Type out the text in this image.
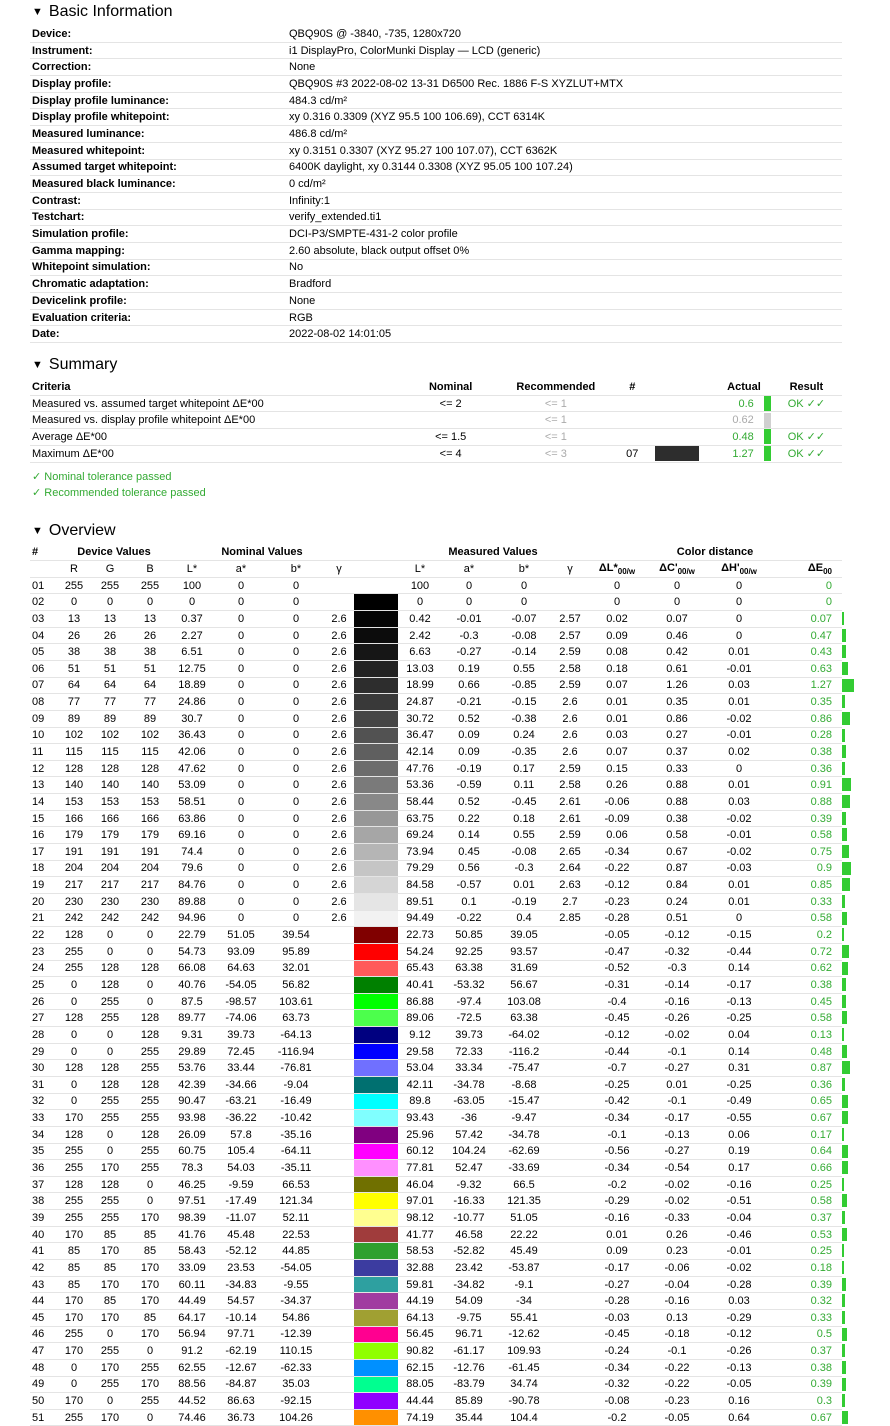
▼ Basic Information
Device:	QBQ90S @ -3840, -735, 1280x720
Instrument:	i1 DisplayPro, ColorMunki Display — LCD (generic)
Correction:	None
Display profile:	QBQ90S #3 2022-08-02 13-31 D6500 Rec. 1886 F-S XYZLUT+MTX
Display profile luminance:	484.3 cd/m²
Display profile whitepoint:	xy 0.316 0.3309 (XYZ 95.5 100 106.69), CCT 6314K
Measured luminance:	486.8 cd/m²
Measured whitepoint:	xy 0.3151 0.3307 (XYZ 95.27 100 107.07), CCT 6362K
Assumed target whitepoint:	6400K daylight, xy 0.3144 0.3308 (XYZ 95.05 100 107.24)
Measured black luminance:	0 cd/m²
Contrast:	Infinity:1
Testchart:	verify_extended.ti1
Simulation profile:	DCI-P3/SMPTE-431-2 color profile
Gamma mapping:	2.60 absolute, black output offset 0%
Whitepoint simulation:	No
Chromatic adaptation:	Bradford
Devicelink profile:	None
Evaluation criteria:	RGB
Date:	2022-08-02 14:01:05
▼ Summary
Criteria	Nominal	Recommended	#		Actual	Result
Measured vs. assumed target whitepoint ΔE*00	<= 2	<= 1			0.6	OK ✓✓
Measured vs. display profile whitepoint ΔE*00		<= 1			0.62	
Average ΔE*00	<= 1.5	<= 1			0.48	OK ✓✓
Maximum ΔE*00	<= 4	<= 3	07		1.27	OK ✓✓
✓ Nominal tolerance passed
✓ Recommended tolerance passed
▼ Overview
#	Device Values			Nominal Values					Measured Values				Color distance			
	R	G	B	L*	a*	b*	γ		L*	a*	b*	γ	$\Delta L*_{00/w}$	$\Delta C'_{00/w}$	$\Delta H'_{00/w}$	$\Delta E_{00}$
01	255	255	255	100	0	0			100	0	0		0	0	0	0
02	0	0	0	0	0	0			0	0	0		0	0	0	0
03	13	13	13	0.37	0	0	2.6		0.42	-0.01	-0.07	2.57	0.02	0.07	0	0.07

04	26	26	26	2.27	0	0	2.6		2.42	-0.3	-0.08	2.57	0.09	0.46	0	0.47

05	38	38	38	6.51	0	0	2.6		6.63	-0.27	-0.14	2.59	0.08	0.42	0.01	0.43

06	51	51	51	12.75	0	0	2.6		13.03	0.19	0.55	2.58	0.18	0.61	-0.01	0.63

07	64	64	64	18.89	0	0	2.6		18.99	0.66	-0.85	2.59	0.07	1.26	0.03	1.27

08	77	77	77	24.86	0	0	2.6		24.87	-0.21	-0.15	2.6	0.01	0.35	0.01	0.35

09	89	89	89	30.7	0	0	2.6		30.72	0.52	-0.38	2.6	0.01	0.86	-0.02	0.86

10	102	102	102	36.43	0	0	2.6		36.47	0.09	0.24	2.6	0.03	0.27	-0.01	0.28

11	115	115	115	42.06	0	0	2.6		42.14	0.09	-0.35	2.6	0.07	0.37	0.02	0.38

12	128	128	128	47.62	0	0	2.6		47.76	-0.19	0.17	2.59	0.15	0.33	0	0.36

13	140	140	140	53.09	0	0	2.6		53.36	-0.59	0.11	2.58	0.26	0.88	0.01	0.91

14	153	153	153	58.51	0	0	2.6		58.44	0.52	-0.45	2.61	-0.06	0.88	0.03	0.88

15	166	166	166	63.86	0	0	2.6		63.75	0.22	0.18	2.61	-0.09	0.38	-0.02	0.39

16	179	179	179	69.16	0	0	2.6		69.24	0.14	0.55	2.59	0.06	0.58	-0.01	0.58

17	191	191	191	74.4	0	0	2.6		73.94	0.45	-0.08	2.65	-0.34	0.67	-0.02	0.75

18	204	204	204	79.6	0	0	2.6		79.29	0.56	-0.3	2.64	-0.22	0.87	-0.03	0.9

19	217	217	217	84.76	0	0	2.6		84.58	-0.57	0.01	2.63	-0.12	0.84	0.01	0.85

20	230	230	230	89.88	0	0	2.6		89.51	0.1	-0.19	2.7	-0.23	0.24	0.01	0.33

21	242	242	242	94.96	0	0	2.6		94.49	-0.22	0.4	2.85	-0.28	0.51	0	0.58

22	128	0	0	22.79	51.05	39.54			22.73	50.85	39.05		-0.05	-0.12	-0.15	0.2

23	255	0	0	54.73	93.09	95.89			54.24	92.25	93.57		-0.47	-0.32	-0.44	0.72

24	255	128	128	66.08	64.63	32.01			65.43	63.38	31.69		-0.52	-0.3	0.14	0.62

25	0	128	0	40.76	-54.05	56.82			40.41	-53.32	56.67		-0.31	-0.14	-0.17	0.38

26	0	255	0	87.5	-98.57	103.61			86.88	-97.4	103.08		-0.4	-0.16	-0.13	0.45

27	128	255	128	89.77	-74.06	63.73			89.06	-72.5	63.38		-0.45	-0.26	-0.25	0.58

28	0	0	128	9.31	39.73	-64.13			9.12	39.73	-64.02		-0.12	-0.02	0.04	0.13

29	0	0	255	29.89	72.45	-116.94			29.58	72.33	-116.2		-0.44	-0.1	0.14	0.48

30	128	128	255	53.76	33.44	-76.81			53.04	33.34	-75.47		-0.7	-0.27	0.31	0.87

31	0	128	128	42.39	-34.66	-9.04			42.11	-34.78	-8.68		-0.25	0.01	-0.25	0.36

32	0	255	255	90.47	-63.21	-16.49			89.8	-63.05	-15.47		-0.42	-0.1	-0.49	0.65

33	170	255	255	93.98	-36.22	-10.42			93.43	-36	-9.47		-0.34	-0.17	-0.55	0.67

34	128	0	128	26.09	57.8	-35.16			25.96	57.42	-34.78		-0.1	-0.13	0.06	0.17

35	255	0	255	60.75	105.4	-64.11			60.12	104.24	-62.69		-0.56	-0.27	0.19	0.64

36	255	170	255	78.3	54.03	-35.11			77.81	52.47	-33.69		-0.34	-0.54	0.17	0.66

37	128	128	0	46.25	-9.59	66.53			46.04	-9.32	66.5		-0.2	-0.02	-0.16	0.25

38	255	255	0	97.51	-17.49	121.34			97.01	-16.33	121.35		-0.29	-0.02	-0.51	0.58

39	255	255	170	98.39	-11.07	52.11			98.12	-10.77	51.05		-0.16	-0.33	-0.04	0.37

40	170	85	85	41.76	45.48	22.53			41.77	46.58	22.22		0.01	0.26	-0.46	0.53

41	85	170	85	58.43	-52.12	44.85			58.53	-52.82	45.49		0.09	0.23	-0.01	0.25

42	85	85	170	33.09	23.53	-54.05			32.88	23.42	-53.87		-0.17	-0.06	-0.02	0.18

43	85	170	170	60.11	-34.83	-9.55			59.81	-34.82	-9.1		-0.27	-0.04	-0.28	0.39

44	170	85	170	44.49	54.57	-34.37			44.19	54.09	-34		-0.28	-0.16	0.03	0.32

45	170	170	85	64.17	-10.14	54.86			64.13	-9.75	55.41		-0.03	0.13	-0.29	0.33

46	255	0	170	56.94	97.71	-12.39			56.45	96.71	-12.62		-0.45	-0.18	-0.12	0.5

47	170	255	0	91.2	-62.19	110.15			90.82	-61.17	109.93		-0.24	-0.1	-0.26	0.37

48	0	170	255	62.55	-12.67	-62.33			62.15	-12.76	-61.45		-0.34	-0.22	-0.13	0.38

49	0	255	170	88.56	-84.87	35.03			88.05	-83.79	34.74		-0.32	-0.22	-0.05	0.39

50	170	0	255	44.52	86.63	-92.15			44.44	85.89	-90.78		-0.08	-0.23	0.16	0.3

51	255	170	0	74.46	36.73	104.26			74.19	35.44	104.4		-0.2	-0.05	0.64	0.67
